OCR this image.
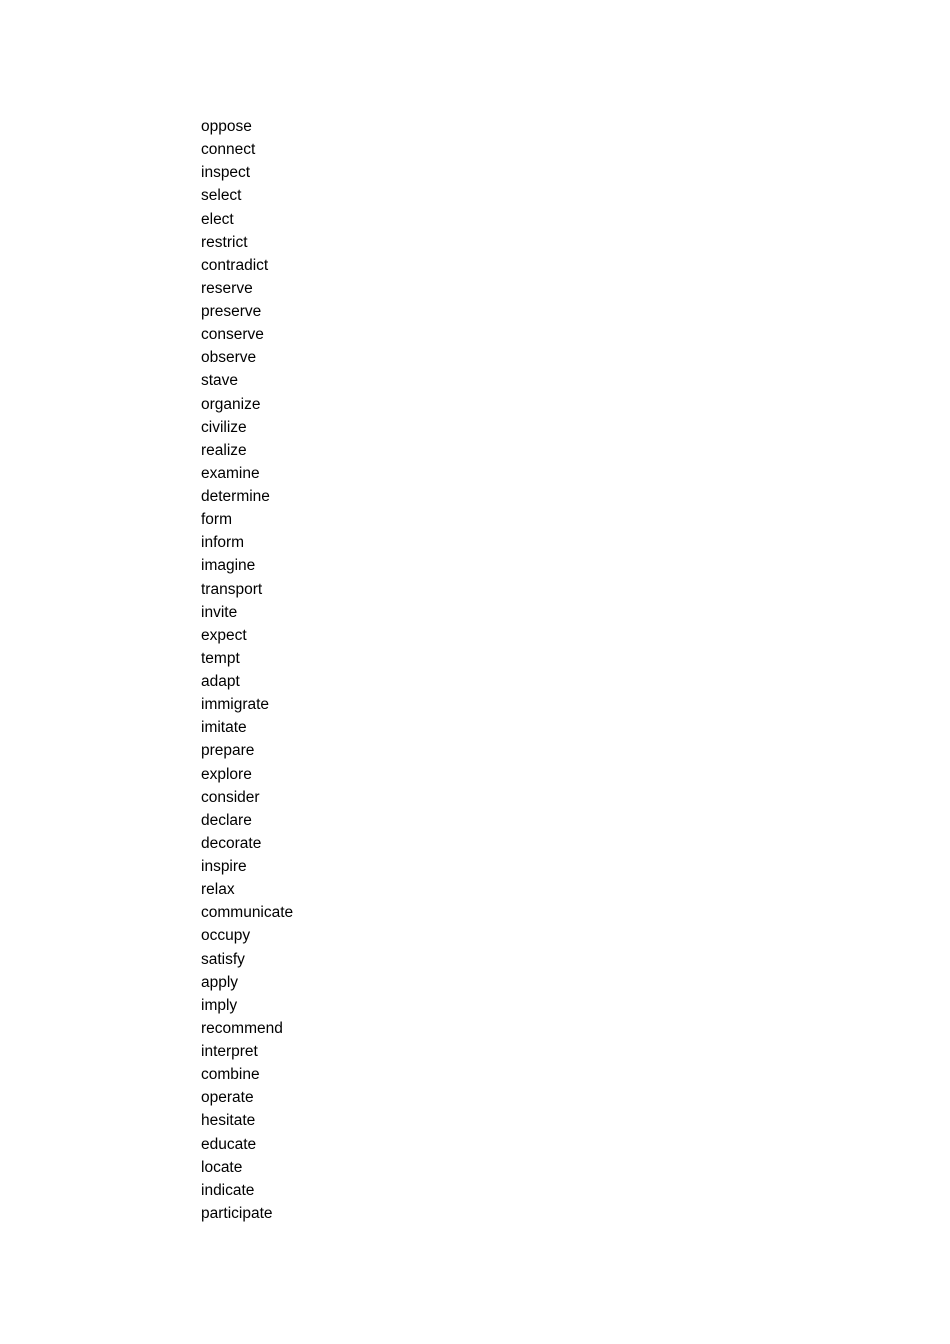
oppose
connect
inspect
select
elect
restrict
contradict
reserve
preserve
conserve
observe
stave
organize
civilize
realize
examine
determine
form
inform
imagine
transport
invite
expect
tempt
adapt
immigrate
imitate
prepare
explore
consider
declare
decorate
inspire
relax
communicate
occupy
satisfy
apply
imply
recommend
interpret
combine
operate
hesitate
educate
locate
indicate
participate
